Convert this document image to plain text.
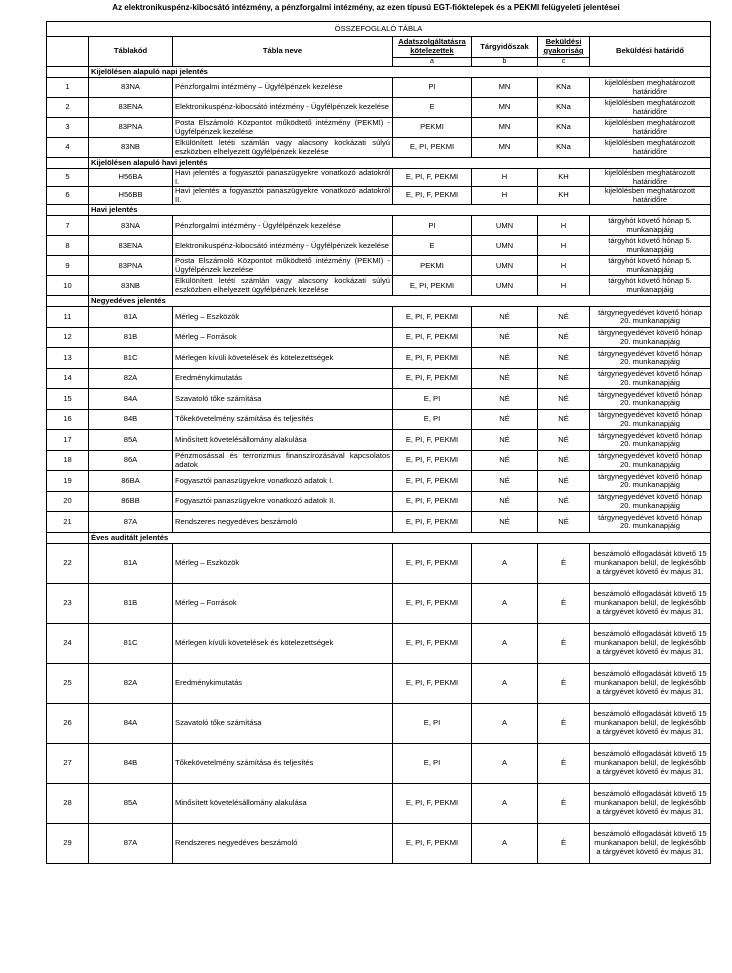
Az elektronikuspénz-kibocsátó intézmény, a pénzforgalmi intézmény, az ezen típusú EGT-fióktelepek és a PEKMI felügyeleti jelentései
ÖSSZEFOGLALÓ TÁBLA						
	Táblakód	Tábla neve	Adatszolgáltatásra kötelezettek	Tárgyidőszak	Beküldési gyakoriság	Beküldési határidő
			a	b	c	
	Kijelölésen alapuló napi jelentés					
1	83NA	Pénzforgalmi intézmény – Ügyfélpénzek kezelése	PI	MN	KNa	kijelölésben meghatározott határidőre
2	83ENA	Elektronikuspénz-kibocsátó intézmény - Ügyfélpénzek kezelése	E	MN	KNa	kijelölésben meghatározott határidőre
3	83PNA	Posta Elszámoló Központot működtető intézmény (PEKMI) - Ügyfélpénzek kezelése	PEKMI	MN	KNa	kijelölésben meghatározott határidőre
4	83NB	Elkülönített letéti számlán vagy alacsony kockázati súlyú eszközben elhelyezett ügyfélpénzek kezelése	E, PI, PEKMI	MN	KNa	kijelölésben meghatározott határidőre
	Kijelölésen alapuló havi jelentés					
5	H56BA	Havi jelentés a fogyasztói panaszügyekre vonatkozó adatokról I.	E, PI, F, PEKMI	H	KH	kijelölésben meghatározott határidőre
6	H56BB	Havi jelentés a fogyasztói panaszügyekre vonatkozó adatokról II.	E, PI, F, PEKMI	H	KH	kijelölésben meghatározott határidőre
	Havi jelentés					
7	83NA	Pénzforgalmi intézmény - Ügyfélpénzek kezelése	PI	UMN	H	tárgyhót követő hónap 5. munkanapjáig
8	83ENA	Elektronikuspénz-kibocsátó intézmény - Ügyfélpénzek kezelése	E	UMN	H	tárgyhót követő hónap 5. munkanapjáig
9	83PNA	Posta Elszámoló Központot működtető intézmény (PEKMI) - Ügyfélpénzek kezelése	PEKMI	UMN	H	tárgyhót követő hónap 5. munkanapjáig
10	83NB	Elkülönített letéti számlán vagy alacsony kockázati súlyú eszközben elhelyezett ügyfélpénzek kezelése	E, PI, PEKMI	UMN	H	tárgyhót követő hónap 5. munkanapjáig
	Negyedéves jelentés					
11	81A	Mérleg – Eszközök	E, PI, F, PEKMI	NÉ	NÉ	tárgynegyedévet követő hónap 20. munkanapjáig
12	81B	Mérleg – Források	E, PI, F, PEKMI	NÉ	NÉ	tárgynegyedévet követő hónap 20. munkanapjáig
13	81C	Mérlegen kívüli követelések és kötelezettségek	E, PI, F, PEKMI	NÉ	NÉ	tárgynegyedévet követő hónap 20. munkanapjáig
14	82A	Eredménykimutatás	E, PI, F, PEKMI	NÉ	NÉ	tárgynegyedévet követő hónap 20. munkanapjáig
15	84A	Szavatoló tőke számítása	E, PI	NÉ	NÉ	tárgynegyedévet követő hónap 20. munkanapjáig
16	84B	Tőkekövetelmény számítása és teljesítés	E, PI	NÉ	NÉ	tárgynegyedévet követő hónap 20. munkanapjáig
17	85A	Minősített követelésállomány alakulása	E, PI, F, PEKMI	NÉ	NÉ	tárgynegyedévet követő hónap 20. munkanapjáig
18	86A	Pénzmosással és terrorizmus finanszírozásával kapcsolatos adatok	E, PI, F, PEKMI	NÉ	NÉ	tárgynegyedévet követő hónap 20. munkanapjáig
19	86BA	Fogyasztói panaszügyekre vonatkozó adatok I.	E, PI, F, PEKMI	NÉ	NÉ	tárgynegyedévet követő hónap 20. munkanapjáig
20	86BB	Fogyasztói panaszügyekre vonatkozó adatok II.	E, PI, F, PEKMI	NÉ	NÉ	tárgynegyedévet követő hónap 20. munkanapjáig
21	87A	Rendszeres negyedéves beszámoló	E, PI, F, PEKMI	NÉ	NÉ	tárgynegyedévet követő hónap 20. munkanapjáig
	Éves auditált jelentés					
22	81A	Mérleg – Eszközök	E, PI, F, PEKMI	A	É	beszámoló elfogadását követő 15 munkanapon belül, de legkésőbb a tárgyévet követő év május 31.
23	81B	Mérleg – Források	E, PI, F, PEKMI	A	É	beszámoló elfogadását követő 15 munkanapon belül, de legkésőbb a tárgyévet követő év május 31.
24	81C	Mérlegen kívüli követelések és kötelezettségek	E, PI, F, PEKMI	A	É	beszámoló elfogadását követő 15 munkanapon belül, de legkésőbb a tárgyévet követő év május 31.
25	82A	Eredménykimutatás	E, PI, F, PEKMI	A	É	beszámoló elfogadását követő 15 munkanapon belül, de legkésőbb a tárgyévet követő év május 31.
26	84A	Szavatoló tőke számítása	E, PI	A	É	beszámoló elfogadását követő 15 munkanapon belül, de legkésőbb a tárgyévet követő év május 31.
27	84B	Tőkekövetelmény számítása és teljesítés	E, PI	A	É	beszámoló elfogadását követő 15 munkanapon belül, de legkésőbb a tárgyévet követő év május 31.
28	85A	Minősített követelésállomány alakulása	E, PI, F, PEKMI	A	É	beszámoló elfogadását követő 15 munkanapon belül, de legkésőbb a tárgyévet követő év május 31.
29	87A	Rendszeres negyedéves beszámoló	E, PI, F, PEKMI	A	É	beszámoló elfogadását követő 15 munkanapon belül, de legkésőbb a tárgyévet követő év május 31.
